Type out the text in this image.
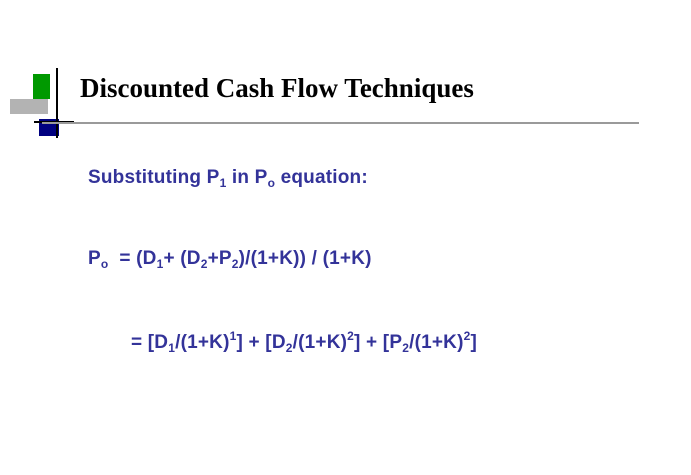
Discounted Cash Flow Techniques
Substituting $P_1$ in $P_o$ equation:
$P_o = (D_1+ (D_2+P_2)/(1+K)) / (1+K)$
= $[D_1/(1+K)^1] + [D_2/(1+K)^2] + [P_2/(1+K)^2]$
